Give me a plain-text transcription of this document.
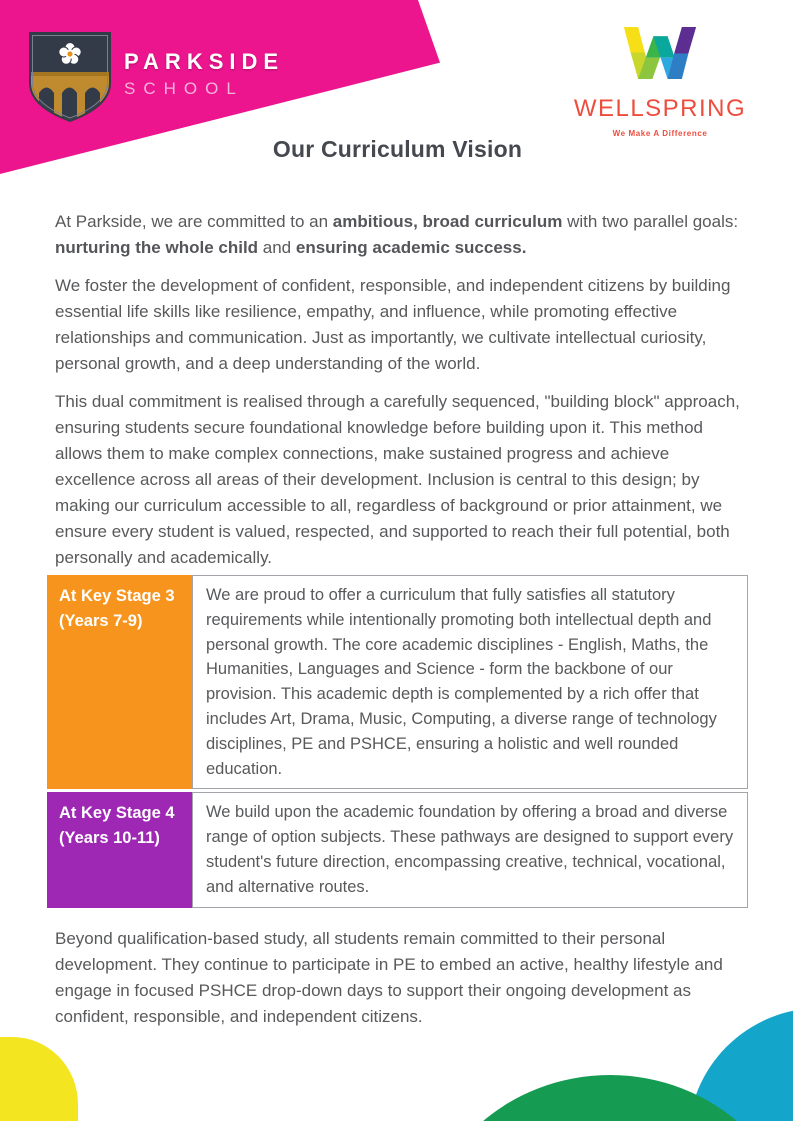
PARKSIDE
SCHOOL
WELLSPRING
We Make A Difference
Our Curriculum Vision

At Parkside, we are committed to an ambitious, broad curriculum with two parallel goals: nurturing the whole child and ensuring academic success.

We foster the development of confident, responsible, and independent citizens by building essential life skills like resilience, empathy, and influence, while promoting effective relationships and communication. Just as importantly, we cultivate intellectual curiosity, personal growth, and a deep understanding of the world.

This dual commitment is realised through a carefully sequenced, "building block" approach, ensuring students secure foundational knowledge before building upon it. This method allows them to make complex connections, make sustained progress and achieve excellence across all areas of their development. Inclusion is central to this design; by making our curriculum accessible to all, regardless of background or prior attainment, we ensure every student is valued, respected, and supported to reach their full potential, both personally and academically.

At Key Stage 3
(Years 7-9)
We are proud to offer a curriculum that fully satisfies all statutory requirements while intentionally promoting both intellectual depth and personal growth. The core academic disciplines - English, Maths, the Humanities, Languages and Science - form the backbone of our provision. This academic depth is complemented by a rich offer that includes Art, Drama, Music, Computing, a diverse range of technology disciplines, PE and PSHCE, ensuring a holistic and well rounded education.
At Key Stage 4
(Years 10-11)
We build upon the academic foundation by offering a broad and diverse range of option subjects. These pathways are designed to support every student's future direction, encompassing creative, technical, vocational, and alternative routes.

Beyond qualification-based study, all students remain committed to their personal development. They continue to participate in PE to embed an active, healthy lifestyle and engage in focused PSHCE drop-down days to support their ongoing development as confident, responsible, and independent citizens.
